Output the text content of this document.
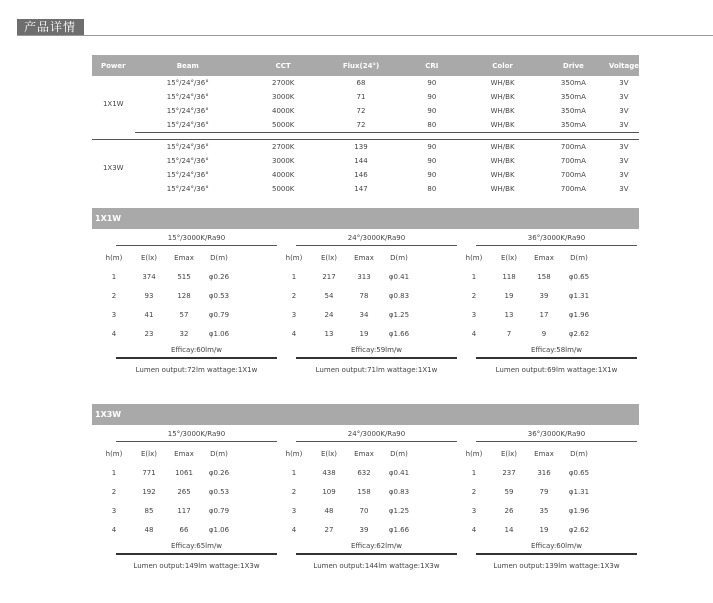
产品详情
Power	Beam	CCT	Flux(24°)	CRI	Color	Drive	Voltage
1X1W	15°/24°/36°	2700K	68	90	WH/BK	350mA	3V
	15°/24°/36°	3000K	71	90	WH/BK	350mA	3V
	15°/24°/36°	4000K	72	90	WH/BK	350mA	3V
	15°/24°/36°	5000K	72	80	WH/BK	350mA	3V

1X3W	15°/24°/36°	2700K	139	90	WH/BK	700mA	3V
	15°/24°/36°	3000K	144	90	WH/BK	700mA	3V
	15°/24°/36°	4000K	146	90	WH/BK	700mA	3V
	15°/24°/36°	5000K	147	80	WH/BK	700mA	3V
1X1W
15°/3000K/Ra90
h(m)	E(lx)	Emax	D(m)
1	374	515	φ0.26
2	93	128	φ0.53
3	41	57	φ0.79
4	23	32	φ1.06
Efficay:60lm/w
Lumen output:72lm wattage:1X1w
24°/3000K/Ra90
h(m)	E(lx)	Emax	D(m)
1	217	313	φ0.41
2	54	78	φ0.83
3	24	34	φ1.25
4	13	19	φ1.66
Efficay:59lm/w
Lumen output:71lm wattage:1X1w
36°/3000K/Ra90
h(m)	E(lx)	Emax	D(m)
1	118	158	φ0.65
2	19	39	φ1.31
3	13	17	φ1.96
4	7	9	φ2.62
Efficay:58lm/w
Lumen output:69lm wattage:1X1w
1X3W
15°/3000K/Ra90
h(m)	E(lx)	Emax	D(m)
1	771	1061	φ0.26
2	192	265	φ0.53
3	85	117	φ0.79
4	48	66	φ1.06
Efficay:65lm/w
Lumen output:149lm wattage:1X3w
24°/3000K/Ra90
h(m)	E(lx)	Emax	D(m)
1	438	632	φ0.41
2	109	158	φ0.83
3	48	70	φ1.25
4	27	39	φ1.66
Efficay:62lm/w
Lumen output:144lm wattage:1X3w
36°/3000K/Ra90
h(m)	E(lx)	Emax	D(m)
1	237	316	φ0.65
2	59	79	φ1.31
3	26	35	φ1.96
4	14	19	φ2.62
Efficay:60lm/w
Lumen output:139lm wattage:1X3w
